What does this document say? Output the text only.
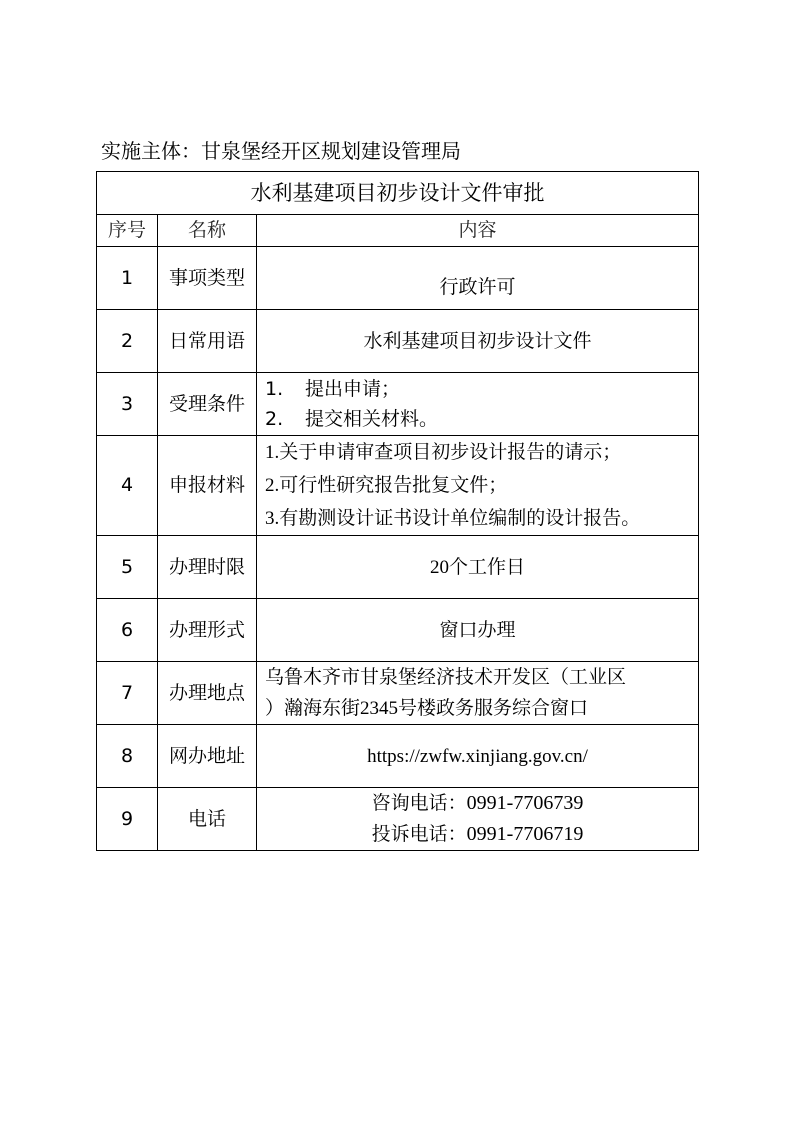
实施主体：甘泉堡经开区规划建设管理局
水利基建项目初步设计文件审批		
序号	名称	内容
1	事项类型	行政许可
2	日常用语	水利基建项目初步设计文件
3	受理条件	1. 提出申请；
2. 提交相关材料。

4	申报材料	1.关于申请审查项目初步设计报告的请示；
2.可行性研究报告批复文件；
3.有勘测设计证书设计单位编制的设计报告。

5	办理时限	20个工作日
6	办理形式	窗口办理
7	办理地点	乌鲁木齐市甘泉堡经济技术开发区（工业区
）瀚海东街2345号楼政务服务综合窗口

8	网办地址	https://zwfw.xinjiang.gov.cn/
9	电话	咨询电话：0991-7706739
投诉电话：0991-7706719
